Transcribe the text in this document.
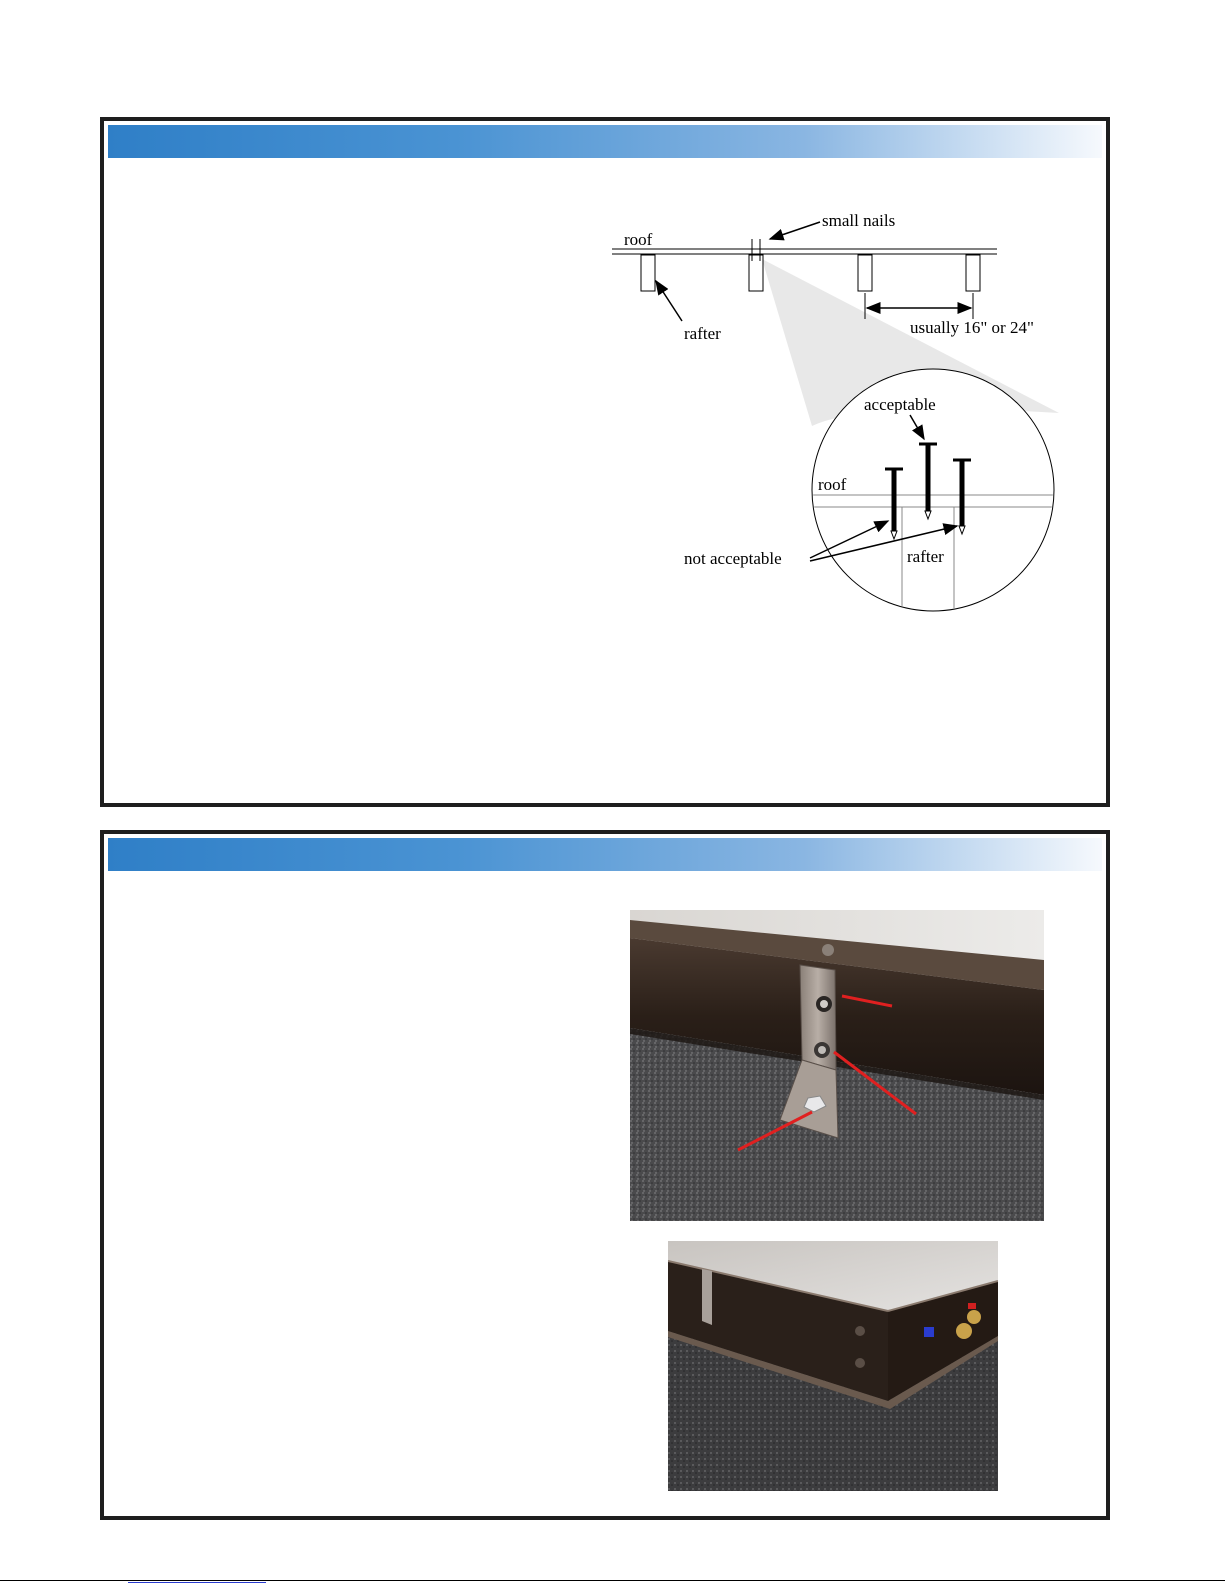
roof
small nails
rafter	usually 16" or 24"
acceptable
roof
not acceptable	rafter
